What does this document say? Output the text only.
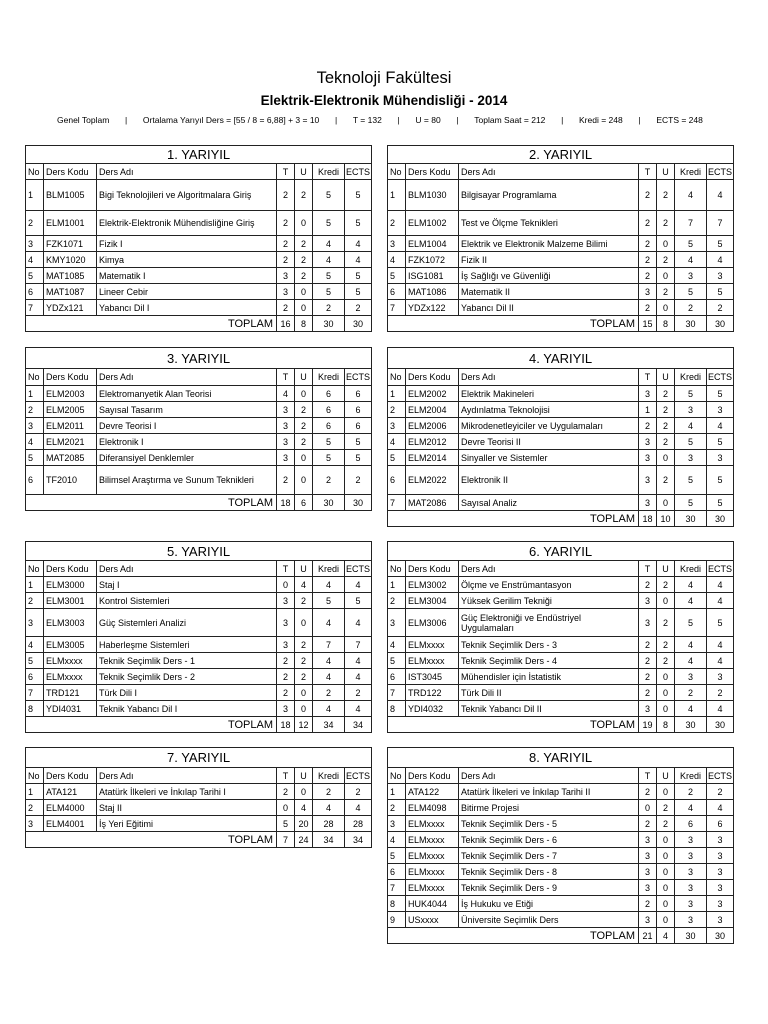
Teknoloji Fakültesi
Elektrik-Elektronik Mühendisliği - 2014
Genel Toplam | Ortalama Yarıyıl Ders = [55 / 8 = 6,88] + 3 = 10 | T = 132 | U = 80 | Toplam Saat = 212 | Kredi = 248 | ECTS = 248
1. YARIYIL						
No	Ders Kodu	Ders Adı	T	U	Kredi	ECTS
1	BLM1005	Bigi Teknolojileri ve Algoritmalara Giriş	2	2	5	5
2	ELM1001	Elektrik-Elektronik Mühendisliğine Giriş	2	0	5	5
3	FZK1071	Fizik I	2	2	4	4
4	KMY1020	Kimya	2	2	4	4
5	MAT1085	Matematik I	3	2	5	5
6	MAT1087	Lineer Cebir	3	0	5	5
7	YDZx121	Yabancı Dil I	2	0	2	2
TOPLAM			16	8	30	30
2. YARIYIL						
No	Ders Kodu	Ders Adı	T	U	Kredi	ECTS
1	BLM1030	Bilgisayar Programlama	2	2	4	4
2	ELM1002	Test ve Ölçme Teknikleri	2	2	7	7
3	ELM1004	Elektrik ve Elektronik Malzeme Bilimi	2	0	5	5
4	FZK1072	Fizik II	2	2	4	4
5	ISG1081	İş Sağlığı ve Güvenliği	2	0	3	3
6	MAT1086	Matematik II	3	2	5	5
7	YDZx122	Yabancı Dil II	2	0	2	2
TOPLAM			15	8	30	30
3. YARIYIL						
No	Ders Kodu	Ders Adı	T	U	Kredi	ECTS
1	ELM2003	Elektromanyetik Alan Teorisi	4	0	6	6
2	ELM2005	Sayısal Tasarım	3	2	6	6
3	ELM2011	Devre Teorisi I	3	2	6	6
4	ELM2021	Elektronik I	3	2	5	5
5	MAT2085	Diferansiyel Denklemler	3	0	5	5
6	TF2010	Bilimsel Araştırma ve Sunum Teknikleri	2	0	2	2
TOPLAM			18	6	30	30
4. YARIYIL						
No	Ders Kodu	Ders Adı	T	U	Kredi	ECTS
1	ELM2002	Elektrik Makineleri	3	2	5	5
2	ELM2004	Aydınlatma Teknolojisi	1	2	3	3
3	ELM2006	Mikrodenetleyiciler ve Uygulamaları	2	2	4	4
4	ELM2012	Devre Teorisi II	3	2	5	5
5	ELM2014	Sinyaller ve Sistemler	3	0	3	3
6	ELM2022	Elektronik II	3	2	5	5
7	MAT2086	Sayısal Analiz	3	0	5	5
TOPLAM			18	10	30	30
5. YARIYIL						
No	Ders Kodu	Ders Adı	T	U	Kredi	ECTS
1	ELM3000	Staj I	0	4	4	4
2	ELM3001	Kontrol Sistemleri	3	2	5	5
3	ELM3003	Güç Sistemleri Analizi	3	0	4	4
4	ELM3005	Haberleşme Sistemleri	3	2	7	7
5	ELMxxxx	Teknik Seçimlik Ders - 1	2	2	4	4
6	ELMxxxx	Teknik Seçimlik Ders - 2	2	2	4	4
7	TRD121	Türk Dili I	2	0	2	2
8	YDI4031	Teknik Yabancı Dil I	3	0	4	4
TOPLAM			18	12	34	34
6. YARIYIL						
No	Ders Kodu	Ders Adı	T	U	Kredi	ECTS
1	ELM3002	Ölçme ve Enstrümantasyon	2	2	4	4
2	ELM3004	Yüksek Gerilim Tekniği	3	0	4	4
3	ELM3006	Güç Elektroniği ve Endüstriyel Uygulamaları	3	2	5	5
4	ELMxxxx	Teknik Seçimlik Ders - 3	2	2	4	4
5	ELMxxxx	Teknik Seçimlik Ders - 4	2	2	4	4
6	IST3045	Mühendisler için İstatistik	2	0	3	3
7	TRD122	Türk Dili II	2	0	2	2
8	YDI4032	Teknik Yabancı Dil II	3	0	4	4
TOPLAM			19	8	30	30
7. YARIYIL						
No	Ders Kodu	Ders Adı	T	U	Kredi	ECTS
1	ATA121	Atatürk İlkeleri ve İnkılap Tarihi I	2	0	2	2
2	ELM4000	Staj II	0	4	4	4
3	ELM4001	İş Yeri Eğitimi	5	20	28	28
TOPLAM			7	24	34	34
8. YARIYIL						
No	Ders Kodu	Ders Adı	T	U	Kredi	ECTS
1	ATA122	Atatürk İlkeleri ve İnkılap Tarihi II	2	0	2	2
2	ELM4098	Bitirme Projesi	0	2	4	4
3	ELMxxxx	Teknik Seçimlik Ders - 5	2	2	6	6
4	ELMxxxx	Teknik Seçimlik Ders - 6	3	0	3	3
5	ELMxxxx	Teknik Seçimlik Ders - 7	3	0	3	3
6	ELMxxxx	Teknik Seçimlik Ders - 8	3	0	3	3
7	ELMxxxx	Teknik Seçimlik Ders - 9	3	0	3	3
8	HUK4044	İş Hukuku ve Etiği	2	0	3	3
9	USxxxx	Üniversite Seçimlik Ders	3	0	3	3
TOPLAM			21	4	30	30
